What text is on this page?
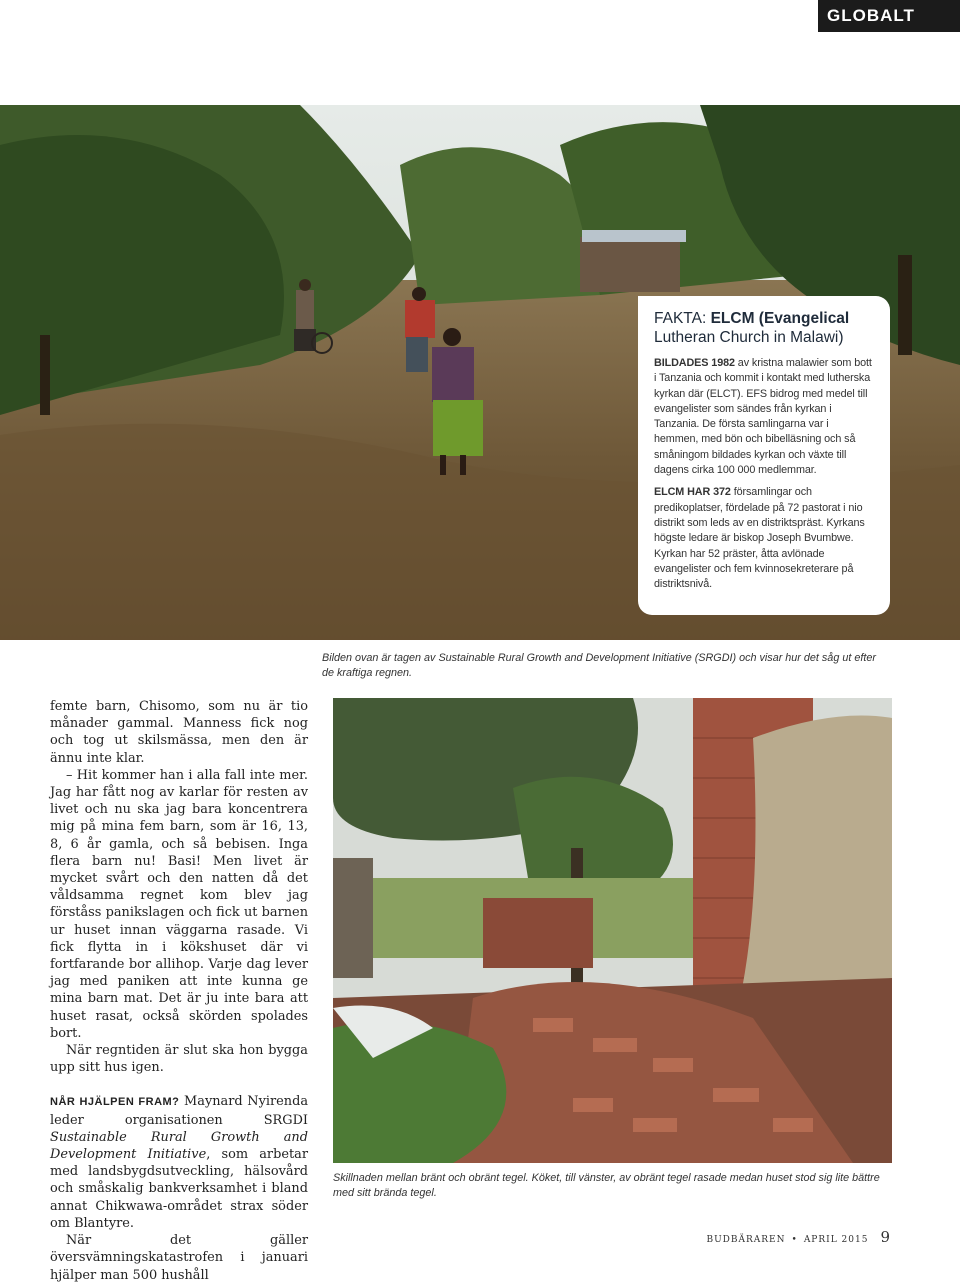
GLOBALT
FAKTA: ELCM (Evangelical
Lutheran Church in Malawi)

BILDADES 1982 av kristna malawier som bott i Tanzania och kommit i kontakt med lutherska kyrkan där (ELCT). EFS bidrog med medel till evangelister som sändes från kyrkan i Tanzania. De första samlingarna var i hemmen, med bön och bibelläsning och så småningom bildades kyrkan och växte till dagens cirka 100 000 medlemmar.

ELCM HAR 372 församlingar och predikoplatser, fördelade på 72 pastorat i nio distrikt som leds av en distriktspräst. Kyrkans högste ledare är biskop Joseph Bvumbwe. Kyrkan har 52 präster, åtta avlönade evangelister och fem kvinnosekreterare på distriktsnivå.

Bilden ovan är tagen av Sustainable Rural Growth and Development Initiative (SRGDI) och visar hur det såg ut efter de kraftiga regnen.

femte barn, Chisomo, som nu är tio månader gammal. Manness fick nog och tog ut skilsmässa, men den är ännu inte klar.

– Hit kommer han i alla fall inte mer. Jag har fått nog av karlar för resten av livet och nu ska jag bara koncentrera mig på mina fem barn, som är 16, 13, 8, 6 år gamla, och så bebisen. Inga flera barn nu! Basi! Men livet är mycket svårt och den natten då det våldsamma regnet kom blev jag förståss panikslagen och fick ut barnen ur huset innan väggarna rasade. Vi fick flytta in i kökshuset där vi fortfarande bor allihop. Varje dag lever jag med paniken att inte kunna ge mina barn mat. Det är ju inte bara att huset rasat, också skörden spolades bort.

När regntiden är slut ska hon bygga upp sitt hus igen.

NÅR HJÄLPEN FRAM? Maynard Nyirenda leder organisationen SRGDI Sustainable Rural Growth and Development Initiative, som arbetar med landsbygdsutveckling, hälsovård och småskalig bankverksamhet i bland annat Chikwawa-området strax söder om Blantyre.

När det gäller översvämningskatastrofen i januari hjälper man 500 hushåll

Skillnaden mellan bränt och obränt tegel. Köket, till vänster, av obränt tegel rasade medan huset stod sig lite bättre med sitt brända tegel.
BUDBÄRAREN • APRIL 2015 9
